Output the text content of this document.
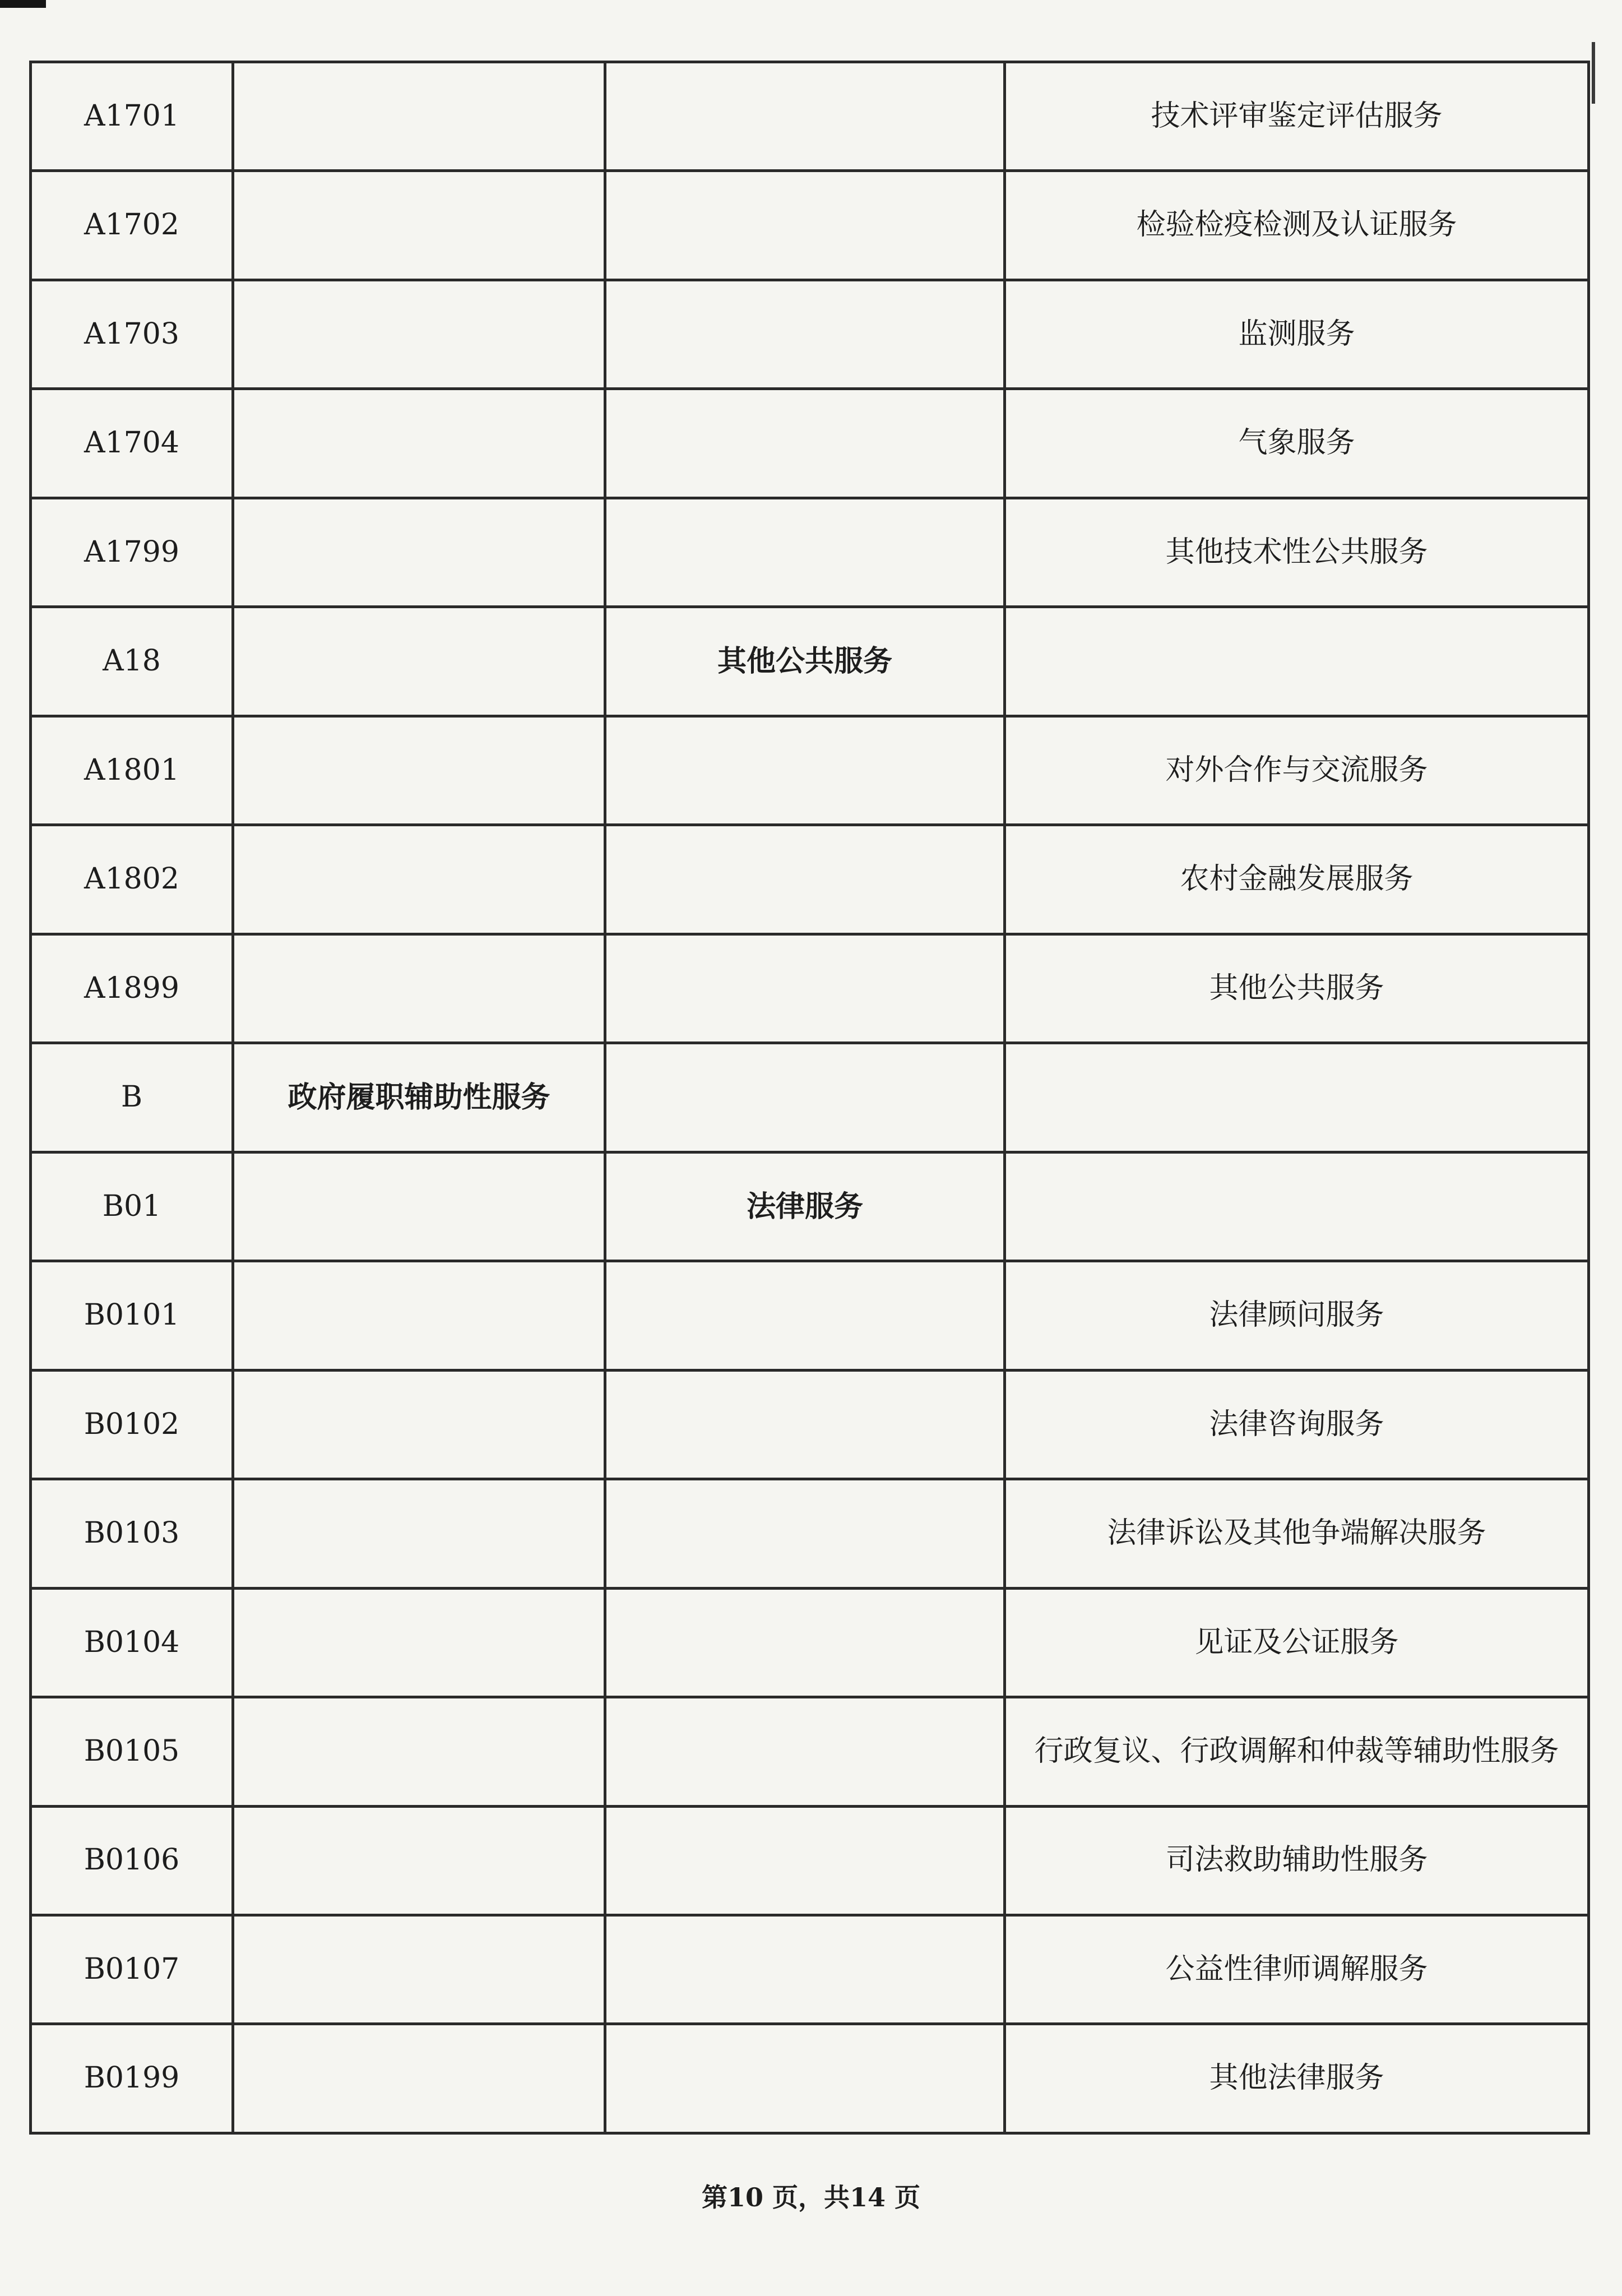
A1701			技术评审鉴定评估服务
A1702			检验检疫检测及认证服务
A1703			监测服务
A1704			气象服务
A1799			其他技术性公共服务
A18		其他公共服务	
A1801			对外合作与交流服务
A1802			农村金融发展服务
A1899			其他公共服务
B	政府履职辅助性服务		
B01		法律服务	
B0101			法律顾问服务
B0102			法律咨询服务
B0103			法律诉讼及其他争端解决服务
B0104			见证及公证服务
B0105			行政复议、行政调解和仲裁等辅助性服务
B0106			司法救助辅助性服务
B0107			公益性律师调解服务
B0199			其他法律服务
第10 页，共14 页
